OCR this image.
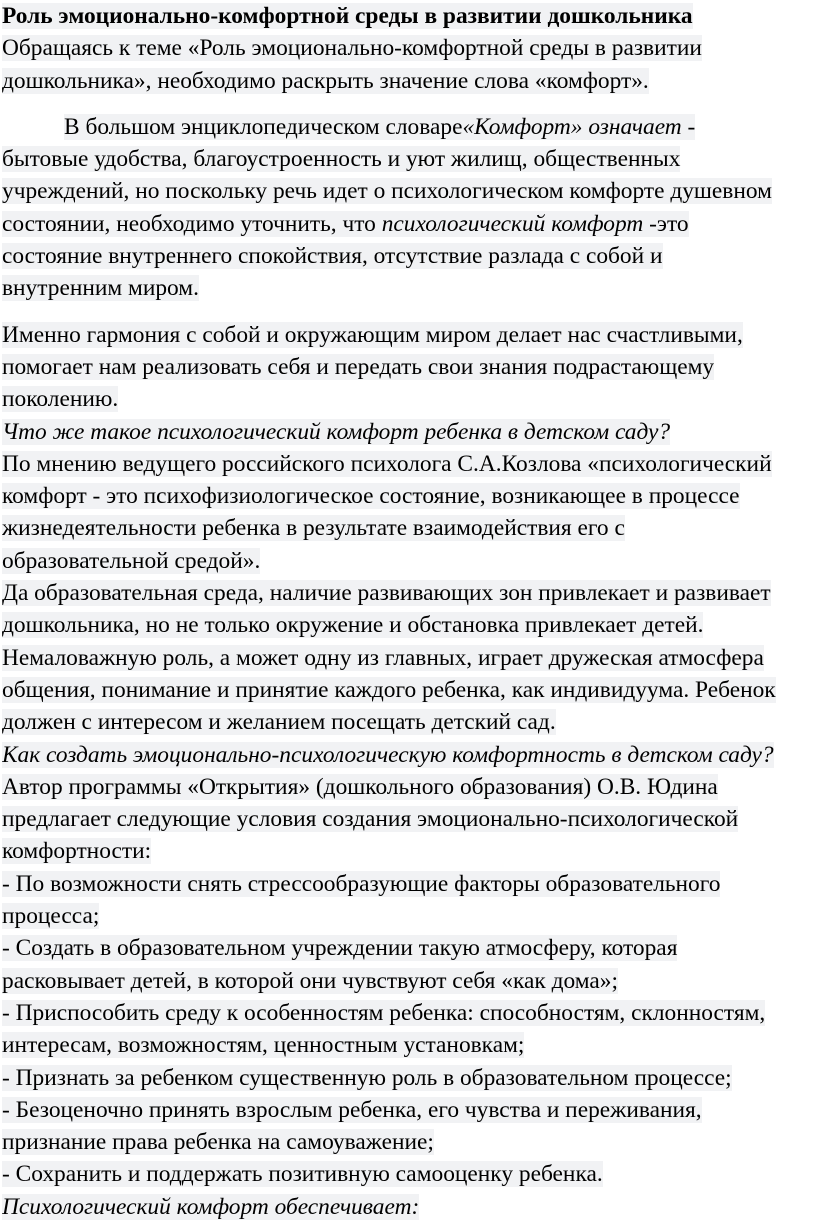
Роль эмоционально-комфортной среды в развитии дошкольника
Обращаясь к теме «Роль эмоционально-комфортной среды в развитии
дошкольника», необходимо раскрыть значение слова «комфорт».
В большом энциклопедическом словаре«Комфорт» означает -
бытовые удобства, благоустроенность и уют жилищ, общественных
учреждений, но поскольку речь идет о психологическом комфорте душевном
состоянии, необходимо уточнить, что психологический комфорт -это
состояние внутреннего спокойствия, отсутствие разлада с собой и
внутренним миром.
Именно гармония с собой и окружающим миром делает нас счастливыми,
помогает нам реализовать себя и передать свои знания подрастающему
поколению.
Что же такое психологический комфорт ребенка в детском саду?
По мнению ведущего российского психолога С.А.Козлова «психологический
комфорт - это психофизиологическое состояние, возникающее в процессе
жизнедеятельности ребенка в результате взаимодействия его с
образовательной средой».
Да образовательная среда, наличие развивающих зон привлекает и развивает
дошкольника, но не только окружение и обстановка привлекает детей.
Немаловажную роль, а может одну из главных, играет дружеская атмосфера
общения, понимание и принятие каждого ребенка, как индивидуума. Ребенок
должен с интересом и желанием посещать детский сад.
Как создать эмоционально-психологическую комфортность в детском саду?
Автор программы «Открытия» (дошкольного образования) О.В. Юдина
предлагает следующие условия создания эмоционально-психологической
комфортности:
- По возможности снять стрессообразующие факторы образовательного
процесса;
- Создать в образовательном учреждении такую атмосферу, которая
расковывает детей, в которой они чувствуют себя «как дома»;
- Приспособить среду к особенностям ребенка: способностям, склонностям,
интересам, возможностям, ценностным установкам;
- Признать за ребенком существенную роль в образовательном процессе;
- Безоценочно принять взрослым ребенка, его чувства и переживания,
признание права ребенка на самоуважение;
- Сохранить и поддержать позитивную самооценку ребенка.
Психологический комфорт обеспечивает:
